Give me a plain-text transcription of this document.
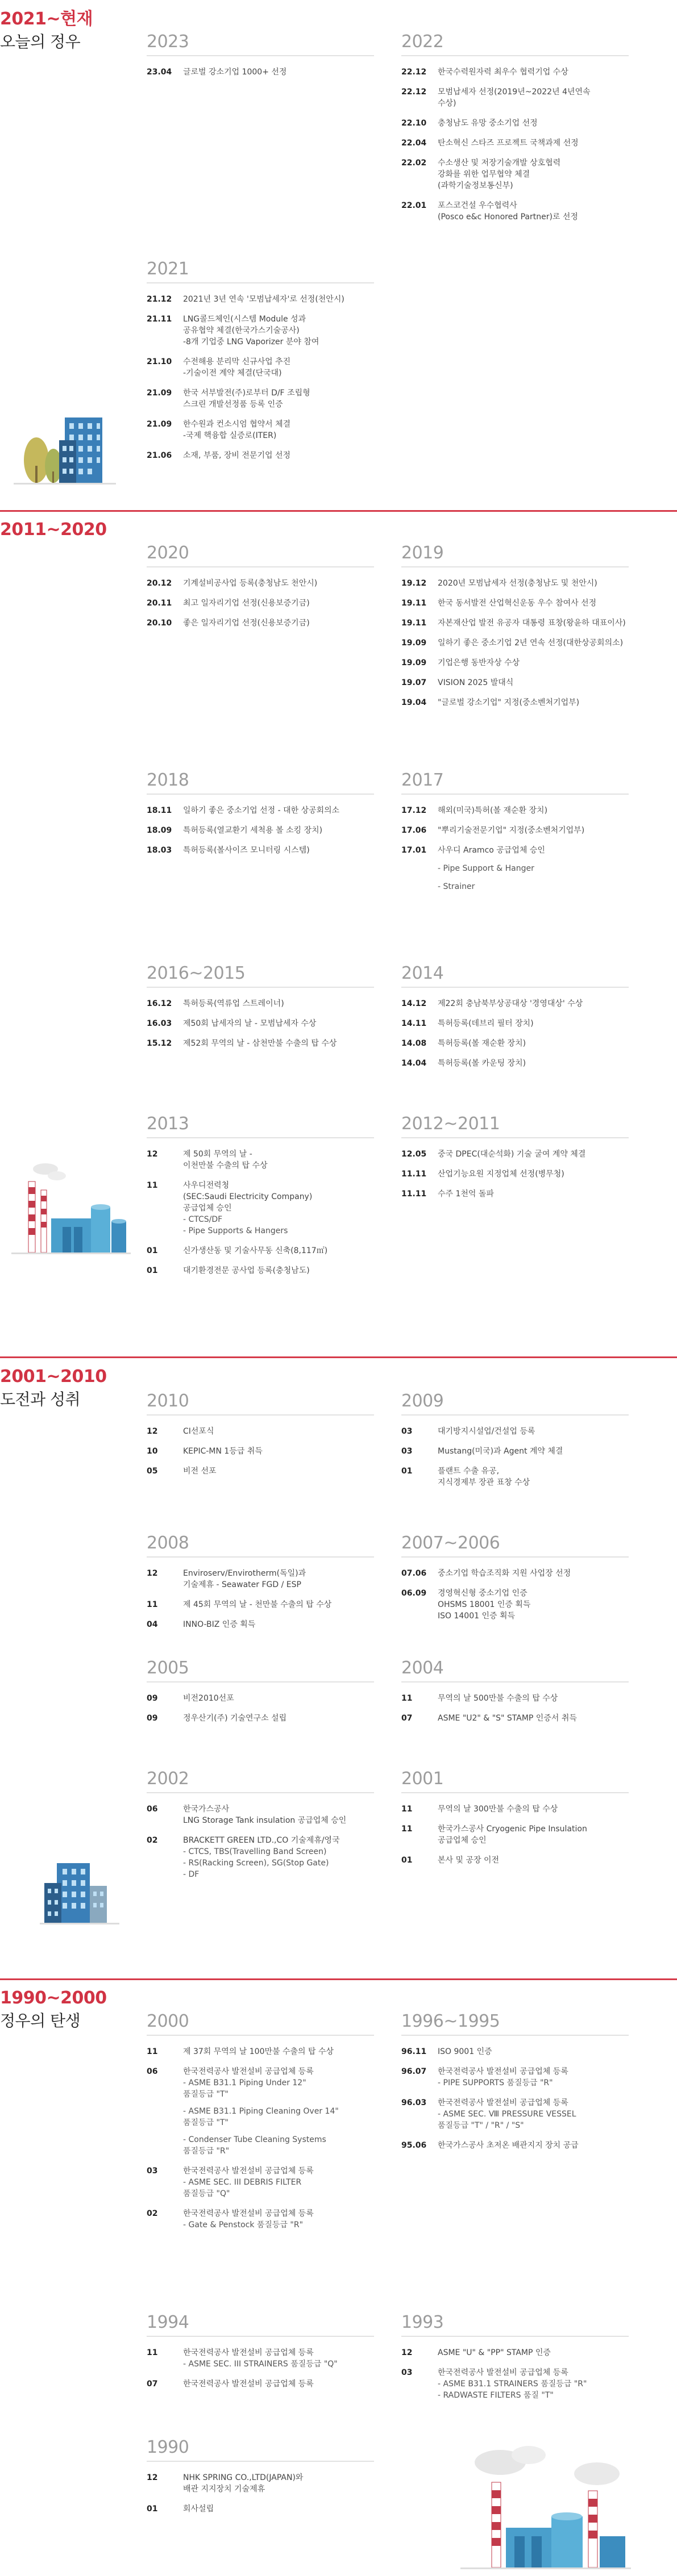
2021~현재
오늘의 정우	2023
23.04	글로벌 강소기업 1000+ 선정
2022
22.12	한국수력원자력 최우수 협력기업 수상
22.12	모범납세자 선정(2019년~2022년 4년연속
수상)
22.10	충청남도 유망 중소기업 선정
22.04	탄소혁신 스타즈 프로젝트 국책과제 선정
22.02	수소생산 및 저장기술개발 상호협력
강화를 위한 업무협약 체결
(과학기술정보통신부)
22.01	포스코건설 우수협력사
(Posco e&c Honored Partner)로 선정
2021
21.12	2021년 3년 연속 '모범납세자'로 선정(천안시)
21.11	LNG콜드체인(시스템 Module 성과
공유협약 체결(한국가스기술공사)
-8개 기업중 LNG Vaporizer 분야 참여
21.10	수전해용 분리막 신규사업 추진
-기술이전 계약 체결(단국대)
21.09	한국 서부발전(주)로부터 D/F 조립형
스크린 개발선정품 등록 인증
21.09	한수원과 컨소시엄 협약서 체결
-국제 핵융합 실증로(ITER)
21.06	소재, 부품, 장비 전문기업 선정
2011~2020
2020
20.12	기계설비공사업 등록(충청남도 천안시)
20.11	최고 일자리기업 선정(신용보증기금)
20.10	좋은 일자리기업 선정(신용보증기금)
2019
19.12	2020년 모범납세자 선정(충청남도 및 천안시)
19.11	한국 동서발전 산업혁신운동 우수 참여사 선정
19.11	자본재산업 발전 유공자 대통령 표창(왕윤하 대표이사)
19.09	일하기 좋은 중소기업 2년 연속 선정(대한상공회의소)
19.09	기업은행 동반자상 수상
19.07	VISION 2025 발대식
19.04	"글로벌 강소기업" 지정(중소벤처기업부)
2018
18.11	일하기 좋은 중소기업 선정 - 대한 상공회의소
18.09	특허등록(열교환기 세척용 볼 소킹 장치)
18.03	특허등록(볼사이즈 모니터링 시스템)
2017
17.12	해외(미국)특허(볼 재순환 장치)
17.06	"뿌리기술전문기업" 지정(중소벤처기업부)
17.01	사우디 Aramco 공급업체 승인
- Pipe Support & Hanger
- Strainer
2016~2015
16.12	특허등록(역류업 스트레이너)
16.03	제50회 납세자의 날 - 모범납세자 수상
15.12	제52회 무역의 날 - 삼천만불 수출의 탑 수상
2014
14.12	제22회 충남북부상공대상 '경영대상' 수상
14.11	특허등록(데브리 필터 장치)
14.08	특허등록(볼 재순환 장치)
14.04	특허등록(볼 카운팅 장치)
2013
12	제 50회 무역의 날 -
이천만불 수출의 탑 수상
11	사우디전력청
(SEC:Saudi Electricity Company)
공급업체 승인
- CTCS/DF
- Pipe Supports & Hangers
01	신가생산동 및 기술사무동 신축(8,117㎡)
01	대기환경전문 공사업 등록(충청남도)
2012~2011
12.05	중국 DPEC(대순석화) 기술 굴여 계약 체결
11.11	산업기능요원 지정업체 선정(병무청)
11.11	수주 1천억 돌파
2001~2010
도전과 성취	2010
12	CI선포식
10	KEPIC-MN 1등급 취득
05	비전 선포
2009
03	대기방지시설업/건설업 등록
03	Mustang(미국)과 Agent 계약 체결
01	플랜트 수출 유공,
지식경제부 장관 표창 수상
2008
12	Enviroserv/Envirotherm(독일)과
기술제휴 - Seawater FGD / ESP
11	제 45회 무역의 날 - 천만불 수출의 탑 수상
04	INNO-BIZ 인증 획득
2007~2006
07.06	중소기업 학습조직화 지원 사업장 선정
06.09	경영혁신형 중소기업 인증
OHSMS 18001 인증 획득
ISO 14001 인증 획득
2005
09	비전2010선포
09	정우산기(주) 기술연구소 설립
2004
11	무역의 날 500만불 수출의 탑 수상
07	ASME "U2" & "S" STAMP 인증서 취득
2002
06	한국가스공사
LNG Storage Tank insulation 공급업체 승인
02	BRACKETT GREEN LTD.,CO 기술제휴/영국
- CTCS, TBS(Travelling Band Screen)
- RS(Racking Screen), SG(Stop Gate)
- DF
2001
11	무역의 날 300만불 수출의 탑 수상
11	한국가스공사 Cryogenic Pipe Insulation
공급업체 승인
01	본사 및 공장 이전
1990~2000
정우의 탄생	2000
11	제 37회 무역의 날 100만불 수출의 탑 수상
06	한국전력공사 발전설비 공급업체 등록
- ASME B31.1 Piping Under 12"
품질등급 "T"
- ASME B31.1 Piping Cleaning Over 14"
품질등급 "T"
- Condenser Tube Cleaning Systems
품질등급 "R"
03	한국전력공사 발전설비 공급업체 등록
- ASME SEC. III DEBRIS FILTER
품질등급 "Q"
02	한국전력공사 발전설비 공급업체 등록
- Gate & Penstock 품질등급 "R"
1996~1995
96.11	ISO 9001 인증
96.07	한국전력공사 발전설비 공급업체 등록
- PIPE SUPPORTS 품질등급 "R"
96.03	한국전력공사 발전설비 공급업체 등록
- ASME SEC. Ⅷ PRESSURE VESSEL
품질등급 "T" / "R" / "S"
95.06	한국가스공사 초저온 배관지지 장치 공급
1994
11	한국전력공사 발전설비 공급업체 등록
- ASME SEC. III STRAINERS 품질등급 "Q"
07	한국전력공사 발전설비 공급업체 등록
1993
12	ASME "U" & "PP" STAMP 인증
03	한국전력공사 발전설비 공급업체 등록
- ASME B31.1 STRAINERS 품질등급 "R"
- RADWASTE FILTERS 품질 "T"
1990
12	NHK SPRING CO.,LTD(JAPAN)와
배관 지지장치 기술제휴
01	회사설립
